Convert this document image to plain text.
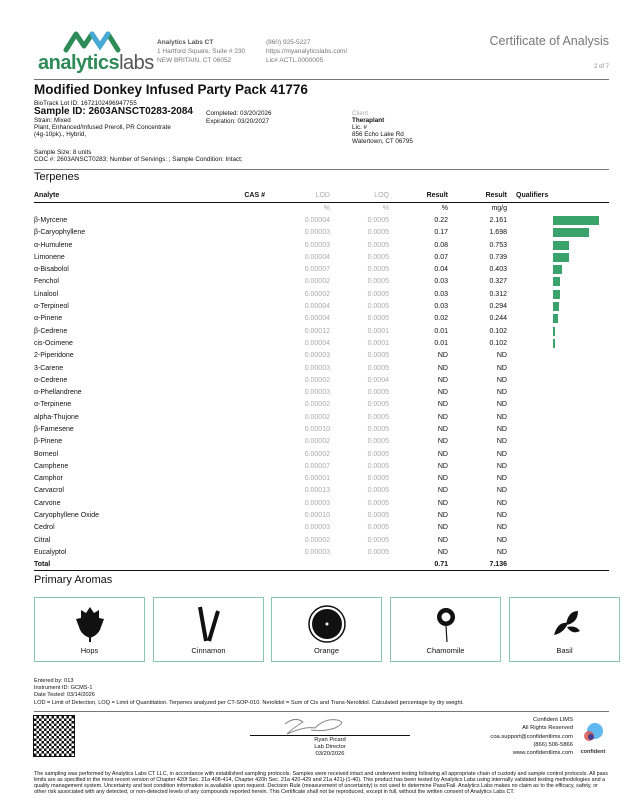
analyticslabs
Analytics Labs CT
1 Hartford Square, Suite # 230
NEW BRITAIN, CT 06052
(860) 925-5227
https://myanalyticslabs.com/
Lic# ACTL.0000005
Certificate of Analysis
2 of 7
Modified Donkey Infused Party Pack 41776
BioTrack Lot ID: 1672102496947755
Sample ID: 2603ANSCT0283-2084 Completed: 03/20/2026
Expiration: 03/20/2027
Strain: Mixed
Plant, Enhanced/Infused Preroll, PR Concentrate
(4g-10pk)., Hybrid,
Sample Size: 8 units
COC #: 2603ANSCT0283; Number of Servings: ; Sample Condition: Intact;
Client
Theraplant
Lic. #
856 Echo Lake Rd
Watertown, CT 06795
Terpenes
Analyte	CAS #	LOD	LOQ	Result	Result	Qualifiers
		%	%	%	mg/g	
β-Myrcene		0.00004	0.0005	0.22	2.161	

β-Caryophyllene		0.00003	0.0005	0.17	1.698	

α-Humulene		0.00003	0.0005	0.08	0.753	

Limonene		0.00004	0.0005	0.07	0.739	

α-Bisabolol		0.00007	0.0005	0.04	0.403	

Fenchol		0.00002	0.0005	0.03	0.327	

Linalool		0.00002	0.0005	0.03	0.312	

α-Terpineol		0.00004	0.0005	0.03	0.294	

α-Pinene		0.00004	0.0005	0.02	0.244	

β-Cedrene		0.00012	0.0001	0.01	0.102	

cis-Ocimene		0.00004	0.0001	0.01	0.102	

2-Piperidone		0.00003	0.0005	ND	ND	
3-Carene		0.00003	0.0005	ND	ND	
α-Cedrene		0.00002	0.0004	ND	ND	
α-Phellandrene		0.00003	0.0005	ND	ND	
α-Terpinene		0.00002	0.0005	ND	ND	
alpha-Thujone		0.00002	0.0005	ND	ND	
β-Farnesene		0.00010	0.0005	ND	ND	
β-Pinene		0.00002	0.0005	ND	ND	
Borneol		0.00002	0.0005	ND	ND	
Camphene		0.00007	0.0005	ND	ND	
Camphor		0.00001	0.0005	ND	ND	
Carvacrol		0.00013	0.0005	ND	ND	
Carvone		0.00003	0.0005	ND	ND	
Caryophyllene Oxide		0.00010	0.0005	ND	ND	
Cedrol		0.00003	0.0005	ND	ND	
Citral		0.00002	0.0005	ND	ND	
Eucalyptol		0.00003	0.0005	ND	ND	
Total				0.71	7.136	
Primary Aromas
Hops	Cinnamon	Orange	Chamomile	Basil
Entered by: 013
Instrument ID: GCMS-1
Date Tested: 03/14/2026
LOD = Limit of Detection, LOQ = Limit of Quantitation. Terpenes analyzed per CT-SOP-010. Nerolidol = Sum of Cis and Trans-Nerolidol. Calculated percentage by dry weight.
Ryan Picard
Lab Director
03/20/2026
Confident LIMS
All Rights Reserved
coa.support@confidentlims.com
(866) 506-5866
www.confidentlims.com	confident
The sampling was performed by Analytics Labs CT LLC, in accordance with established sampling protocols. Samples were received intact and underwent testing following all appropriate chain of custody and sample control protocols. All pass limits are as specified in the most recent version of Chapter 420f Sec. 21a 408-414, Chapter 420h Sec. 21a 420-429 and 21a 421j-(1-40). This product has been tested by Analytics Labs using internally validated testing methodologies and a quality management system. Uncertainty and test condition information is available upon request. Decision Rule (measurement of uncertainty) is not used to determine Pass/Fail. Analytics Labs makes no claim as to the efficacy, safety, or other risk associated with any detected, or non-detected levels of any compounds reported herein. This Certificate shall not be reproduced, except in full, without the written consent of Analytics Labs CT.
